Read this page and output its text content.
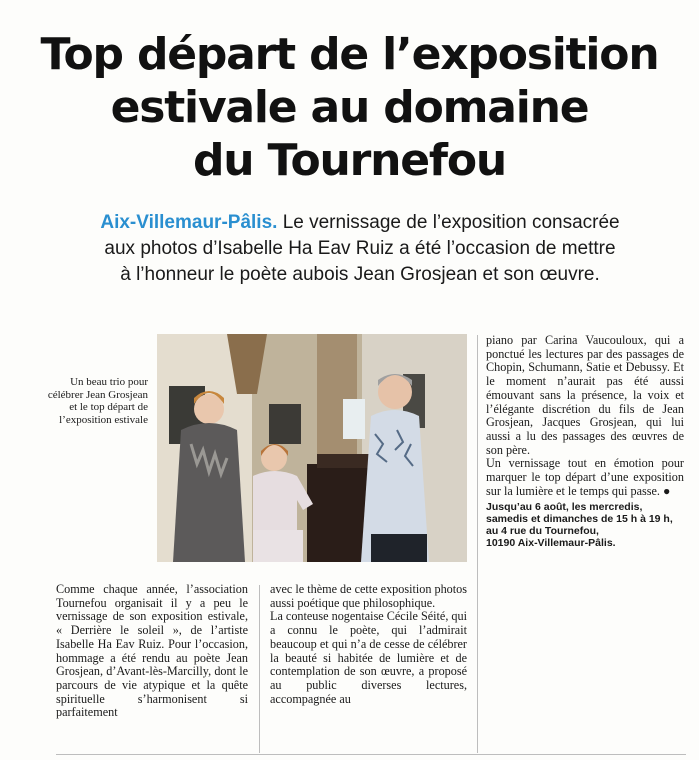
Top départ de l’exposition
estivale au domaine
du Tournefou

Aix-Villemaur-Pâlis. Le vernissage de l’exposition consacrée
aux photos d’Isabelle Ha Eav Ruiz a été l’occasion de mettre
à l’honneur le poète aubois Jean Grosjean et son œuvre.

Un beau trio pour célébrer Jean Grosjean et le top départ de l’exposition estivale

Comme chaque année, l’association Tournefou organisait il y a peu le vernissage de son exposition estivale, « Derrière le soleil », de l’artiste Isabelle Ha Eav Ruiz. Pour l’occasion, hommage a été rendu au poète Jean Grosjean, d’Avant-lès-Marcilly, dont le parcours de vie atypique et la quête spirituelle s’harmonisent si parfaitement

avec le thème de cette exposition photos aussi poétique que philosophique.

La conteuse nogentaise Cécile Séité, qui a connu le poète, qui l’admirait beaucoup et qui n’a de cesse de célébrer la beauté si habitée de lumière et de contemplation de son œuvre, a proposé au public diverses lectures, accompagnée au

piano par Carina Vaucouloux, qui a ponctué les lectures par des passages de Chopin, Schumann, Satie et Debussy. Et le moment n’aurait pas été aussi émouvant sans la présence, la voix et l’élégante discrétion du fils de Jean Grosjean, Jacques Grosjean, qui lui aussi a lu des passages des œuvres de son père.

Un vernissage tout en émotion pour marquer le top départ d’une exposition sur la lumière et le temps qui passe. ●

Jusqu’au 6 août, les mercredis,
samedis et dimanches de 15 h à 19 h,
au 4 rue du Tournefou,
10190 Aix-Villemaur-Pâlis.
